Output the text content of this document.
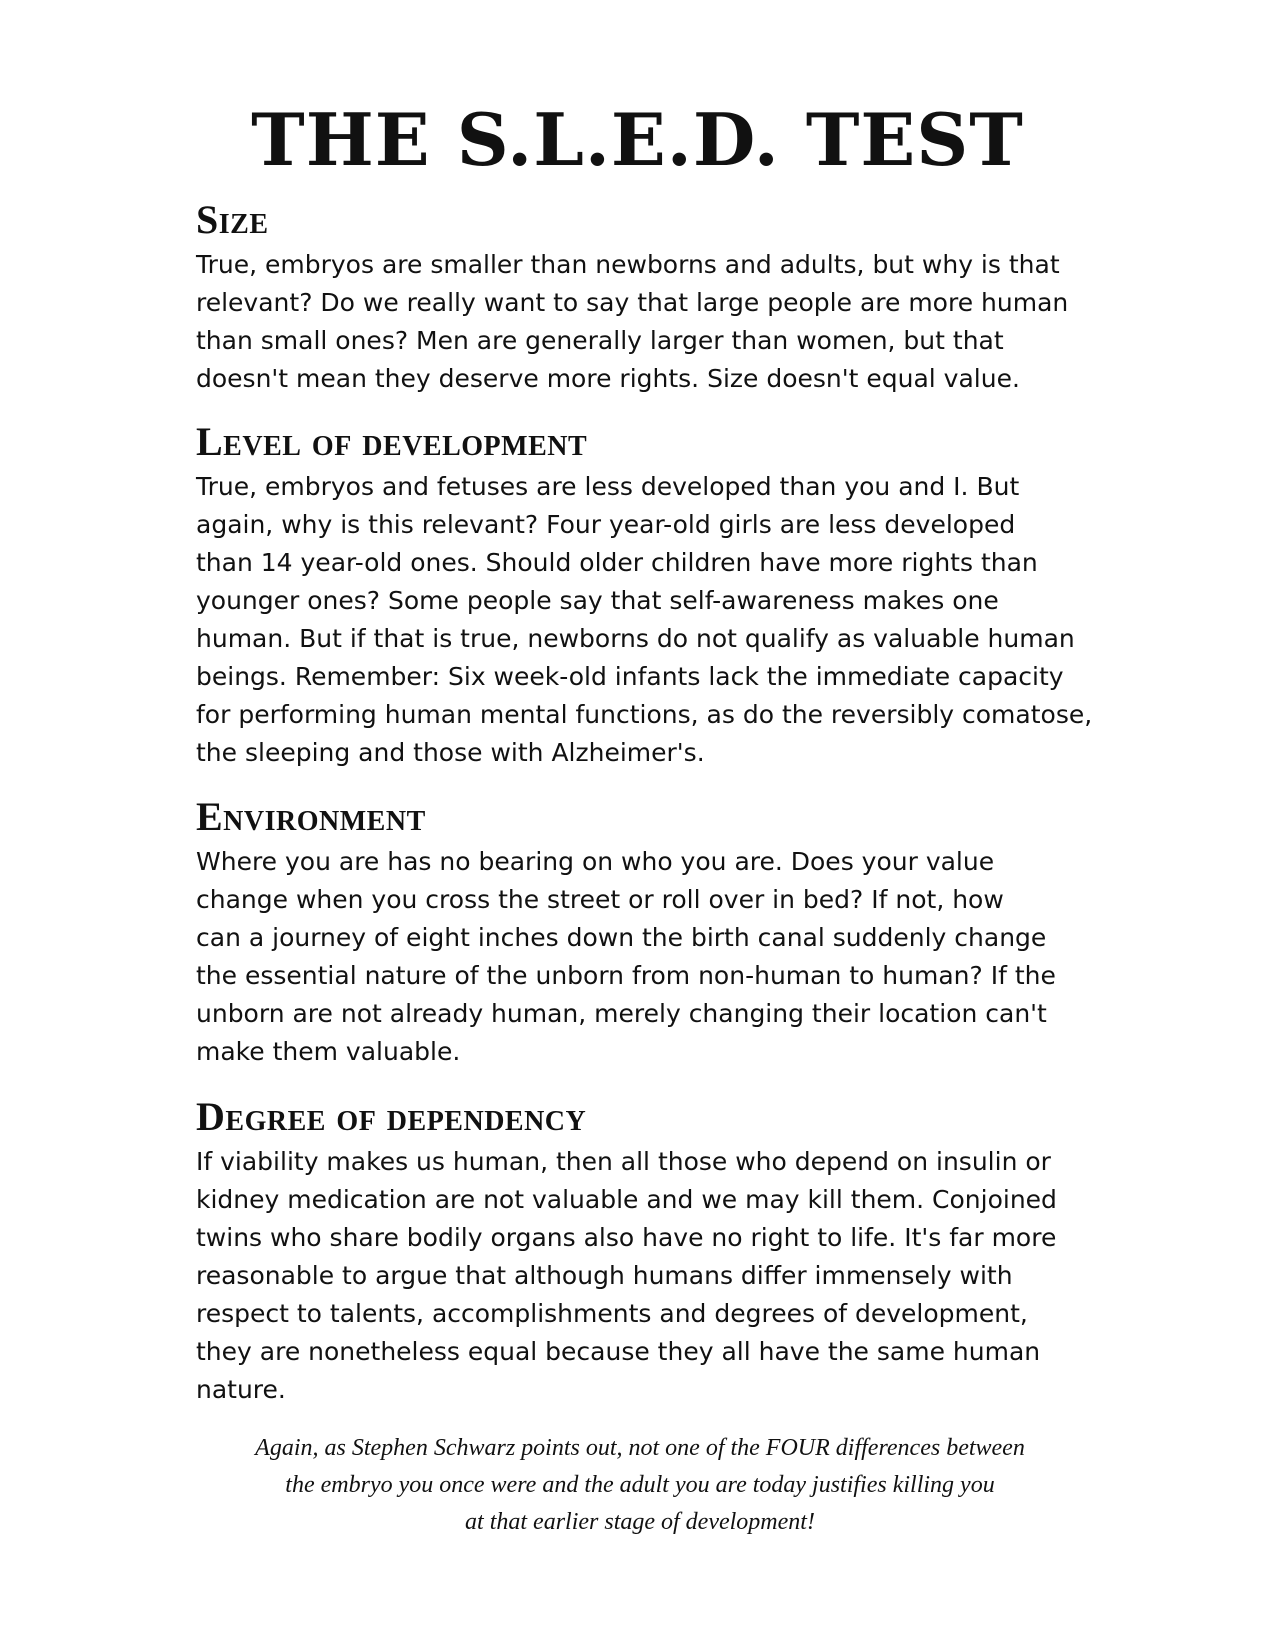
THE S.L.E.D. TEST
Size

True, embryos are smaller than newborns and adults, but why is that
relevant? Do we really want to say that large people are more human
than small ones? Men are generally larger than women, but that
doesn't mean they deserve more rights. Size doesn't equal value.

Level of development

True, embryos and fetuses are less developed than you and I. But
again, why is this relevant? Four year-old girls are less developed
than 14 year-old ones. Should older children have more rights than
younger ones? Some people say that self-awareness makes one
human. But if that is true, newborns do not qualify as valuable human
beings. Remember: Six week-old infants lack the immediate capacity
for performing human mental functions, as do the reversibly comatose,
the sleeping and those with Alzheimer's.

Environment

Where you are has no bearing on who you are. Does your value
change when you cross the street or roll over in bed? If not, how
can a journey of eight inches down the birth canal suddenly change
the essential nature of the unborn from non-human to human? If the
unborn are not already human, merely changing their location can't
make them valuable.

Degree of dependency

If viability makes us human, then all those who depend on insulin or
kidney medication are not valuable and we may kill them. Conjoined
twins who share bodily organs also have no right to life. It's far more
reasonable to argue that although humans differ immensely with
respect to talents, accomplishments and degrees of development,
they are nonetheless equal because they all have the same human
nature.

Again, as Stephen Schwarz points out, not one of the FOUR differences between
the embryo you once were and the adult you are today justifies killing you
at that earlier stage of development!
